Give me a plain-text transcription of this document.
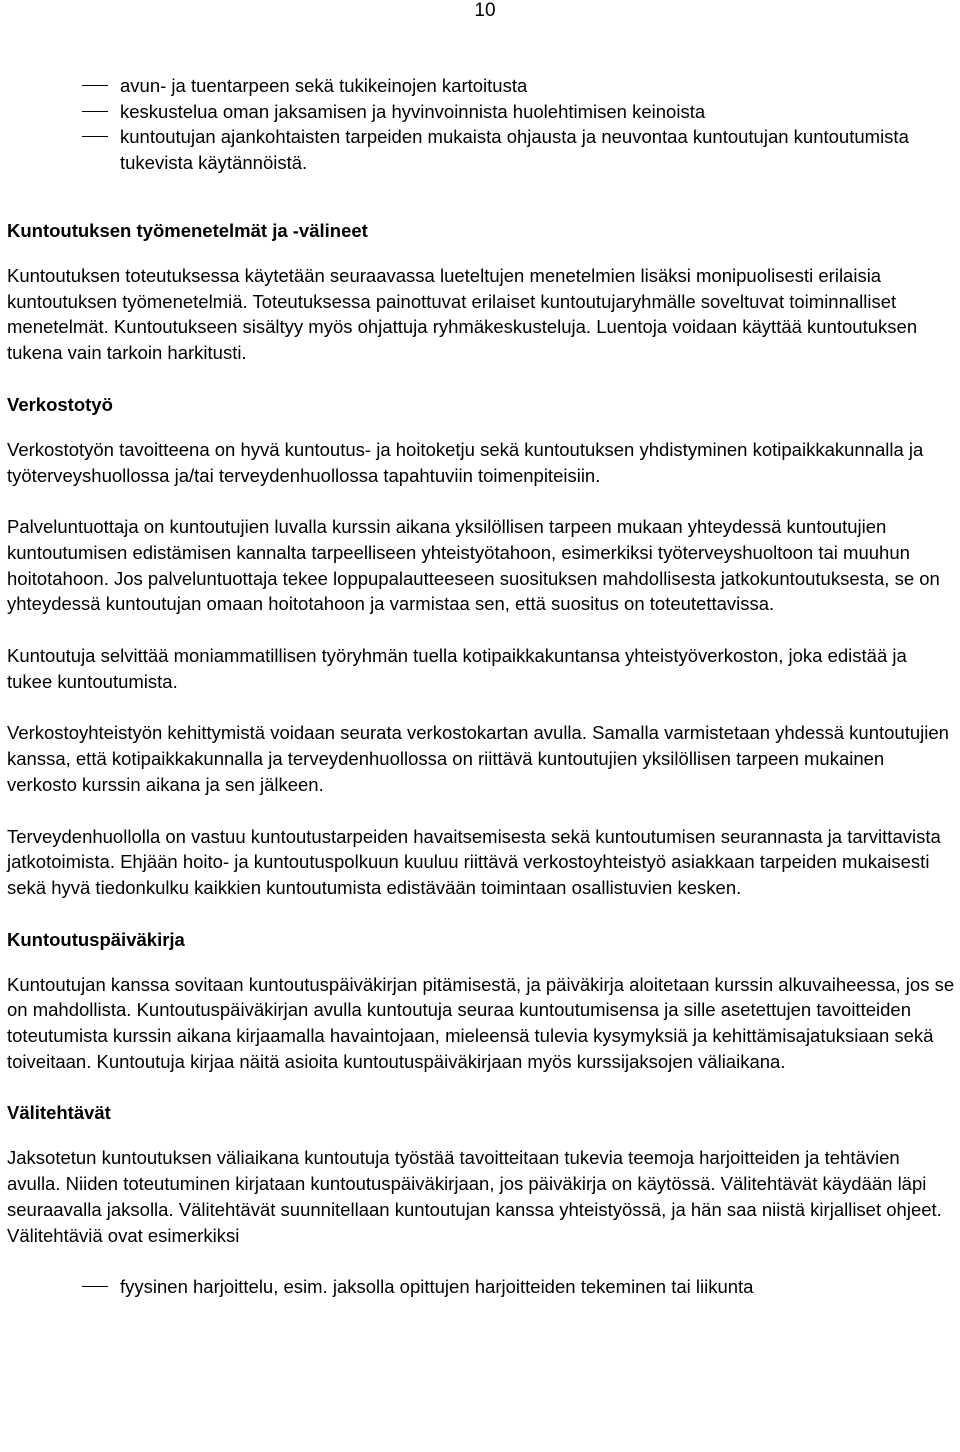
10
avun- ja tuentarpeen sekä tukikeinojen kartoitusta
keskustelua oman jaksamisen ja hyvinvoinnista huolehtimisen keinoista
kuntoutujan ajankohtaisten tarpeiden mukaista ohjausta ja neuvontaa kuntoutujan kuntoutumista tukevista käytännöistä.
Kuntoutuksen työmenetelmät ja -välineet

Kuntoutuksen toteutuksessa käytetään seuraavassa lueteltujen menetelmien lisäksi monipuolisesti erilaisia kuntoutuksen työmenetelmiä. Toteutuksessa painottuvat erilaiset kuntoutujaryhmälle soveltuvat toiminnalliset menetelmät. Kuntoutukseen sisältyy myös ohjattuja ryhmäkeskusteluja. Luentoja voidaan käyttää kuntoutuksen tukena vain tarkoin harkitusti.

Verkostotyö

Verkostotyön tavoitteena on hyvä kuntoutus- ja hoitoketju sekä kuntoutuksen yhdistyminen kotipaikkakunnalla ja työterveyshuollossa ja/tai terveydenhuollossa tapahtuviin toimenpiteisiin.

Palveluntuottaja on kuntoutujien luvalla kurssin aikana yksilöllisen tarpeen mukaan yhteydessä kuntoutujien kuntoutumisen edistämisen kannalta tarpeelliseen yhteistyötahoon, esimerkiksi työterveyshuoltoon tai muuhun hoitotahoon. Jos palveluntuottaja tekee loppupalautteeseen suosituksen mahdollisesta jatkokuntoutuksesta, se on yhteydessä kuntoutujan omaan hoitotahoon ja varmistaa sen, että suositus on toteutettavissa.

Kuntoutuja selvittää moniammatillisen työryhmän tuella kotipaikkakuntansa yhteistyöverkoston, joka edistää ja tukee kuntoutumista.

Verkostoyhteistyön kehittymistä voidaan seurata verkostokartan avulla. Samalla varmistetaan yhdessä kuntoutujien kanssa, että kotipaikkakunnalla ja terveydenhuollossa on riittävä kuntoutujien yksilöllisen tarpeen mukainen verkosto kurssin aikana ja sen jälkeen.

Terveydenhuollolla on vastuu kuntoutustarpeiden havaitsemisesta sekä kuntoutumisen seurannasta ja tarvittavista jatkotoimista. Ehjään hoito- ja kuntoutuspolkuun kuuluu riittävä verkostoyhteistyö asiakkaan tarpeiden mukaisesti sekä hyvä tiedonkulku kaikkien kuntoutumista edistävään toimintaan osallistuvien kesken.

Kuntoutuspäiväkirja

Kuntoutujan kanssa sovitaan kuntoutuspäiväkirjan pitämisestä, ja päiväkirja aloitetaan kurssin alkuvaiheessa, jos se on mahdollista. Kuntoutuspäiväkirjan avulla kuntoutuja seuraa kuntoutumisensa ja sille asetettujen tavoitteiden toteutumista kurssin aikana kirjaamalla havaintojaan, mieleensä tulevia kysymyksiä ja kehittämisajatuksiaan sekä toiveitaan. Kuntoutuja kirjaa näitä asioita kuntoutuspäiväkirjaan myös kurssijaksojen väliaikana.

Välitehtävät

Jaksotetun kuntoutuksen väliaikana kuntoutuja työstää tavoitteitaan tukevia teemoja harjoitteiden ja tehtävien avulla. Niiden toteutuminen kirjataan kuntoutuspäiväkirjaan, jos päiväkirja on käytössä. Välitehtävät käydään läpi seuraavalla jaksolla. Välitehtävät suunnitellaan kuntoutujan kanssa yhteistyössä, ja hän saa niistä kirjalliset ohjeet. Välitehtäviä ovat esimerkiksi

fyysinen harjoittelu, esim. jaksolla opittujen harjoitteiden tekeminen tai liikunta
